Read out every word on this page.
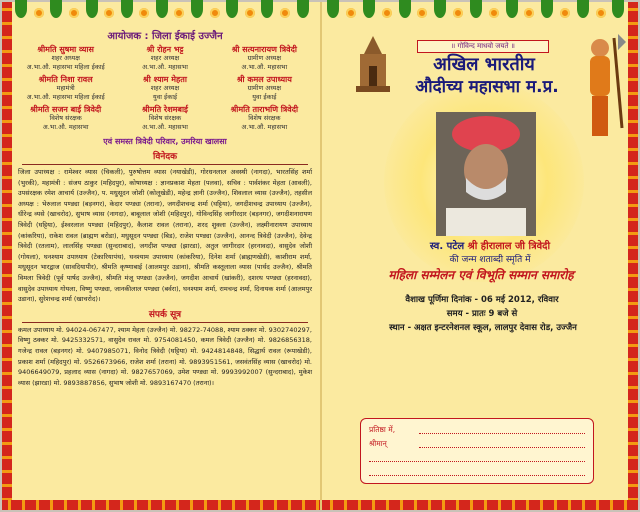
आयोजक : जिला ईकाई उज्जैन
श्रीमति सुषमा व्यास
शहर अध्यक्ष
अ.भा.औ. महासभा महिला ईकाई
श्री रोहन भट्ट
शहर अध्यक्ष
अ.भा.औ. महासभा
श्री सत्यनारायण त्रिवेदी
ग्रामीण अध्यक्ष
अ.भा.औ. महासभा
श्रीमति निशा रावल
महामंत्री
अ.भा.औ. महासभा महिला ईकाई
श्री श्याम मेहता
शहर अध्यक्ष
युवा ईकाई
श्री कमल उपाध्याय
ग्रामीण अध्यक्ष
युवा ईकाई
श्रीमति सजन बाई त्रिवेदी
विशेष संरक्षक
अ.भा.औ. महासभा
श्रीमति रेशमबाई
विशेष संरक्षक
अ.भा.औ. महासभा
श्रीमति ताराभणि त्रिवेदी
विशेष संरक्षक
अ.भा.औ. महासभा
एवं समस्त त्रिवेदी परिवार, उमरिया खालसा
विनेदक
जिला उपाध्यक्ष : रामेश्वर व्यास (चिकली), पुरुषोत्तम व्यास (नयाखेडी), गोरधनलाल अवस्थी (नागदा), भारतसिंह शर्मा (भुरकी), महामंत्री : संजय ठाकुर (महिदपुर), कोषाध्यक्ष : ज्ञानप्रकाश मेहता (पलवा), सचिव : पार्वशंकर मेहता (आवली), उपसंरक्षक रमेश आचार्य (उज्जैन), प. मधुसूदन जोशी (कोलूखेडी), महेन्द्र ज्ञानी (उज्जैन), शिवलाल व्यास (उज्जैन), तहसील अध्यक्ष : भेरुलाल पण्ड्या (बड़नगर), केदार पण्ड्या (तराना), जगदीशचन्द्र शर्मा (घट्टिया), जगदीशचन्द्र उपाध्याय (उज्जैन), धीरेन्द्र व्यसे (खाचरोद), सुभाष व्यास (नागदा), बाबूलाल जोशी (महिदपुर), गोविन्दसिंह जागीरदार (बड़नगर), जगदीशनारायण त्रिवेदी (घट्टिया), ईश्वरलाल पण्ड्या (महिदपुर), कैलाश रावल (तराना), शरद शुक्ला (उज्जैन), लक्ष्मीनारायण उपाध्याय (कांकरिया), राकेश रावल (ब्राह्मण बरोडा), मधुसूदन पण्ड्या (बिड), राजेश पण्ड्या (उज्जैन), आनन्द त्रिवेदी (उज्जैन), देवेन्द्र त्रिवेदी (रतलाम), लालसिंह पण्ड्या (सुन्दराबाद), जगदीश पण्ड्या (झारडा), अतुल जागीरदार (हरनावदा), वासुदेव जोशी (गोयला), घनश्याम उपाध्याय (टेकारियापंथ), घनश्याम उपाध्याय (कांकरिया), दिनेश शर्मा (ब्राह्मणखेडी), काशीराम शर्मा, मधुसूदन भारद्वाज (सावदियापीर), श्रीमति कृष्णाबाई (आलमपुर उडाना), श्रीमति कस्तूलाला व्यास (पार्थद उज्जैन), श्रीमति विमला त्रिवेदी (पूर्व पार्षद उज्जैन), श्रीमति मंजू पण्ड्या (उज्जैन), जगदीश आचार्य (खांकरी), दशरथ पण्ड्या (हरनावदा), वासुदेव उपाध्याय गोयला, विष्णु पण्ड्या, जानकीलाल पण्ड्या (बर्वरा), घनश्याम शर्मा, रामचन्द्र शर्मा, दिनायक शर्मा (आलमपुर उडाना), सुरेशचन्द्र शर्मा (खाचरोद)।
संपर्क सूत्र
कमल उपाध्याय मो. 94024-067477, श्याम मेहता (उज्जैन) मो. 98272-74088, श्याम ठक्कर मो. 9302740297, विष्णु ठक्कर मो. 9425332571, वासुदेव रावल मो. 9754081450, कमल त्रिवेदी (उज्जैन) मो. 9826856318, गजेन्द्र रावल (बड़नगर) मो. 9407985071, विनोद त्रिवेदी (घट्टिया) मो. 9424814848, सिद्धार्थ रावल (रूपाखेडी), प्रकाश शर्मा (महिदपुर) मो. 9526673966, राजेश शर्मा (तराना) मो. 9893951561, जसवंतसिंह व्यास (खाचरोद) मो. 9406649079, प्रहलाद व्यास (नागदा) मो. 9827657069, उमेश पण्ड्या मो. 9993992007 (सुन्दराबाद), मुकेश व्यास (झारडा) मो. 9893887856, सुभाष जोशी मो. 9893167470 (तराना)।
॥ गोविन्द माधवो जयते ॥
अखिल भारतीय
औदीच्य महासभा म.प्र.
स्व. पटेल श्री हीरालाल जी त्रिवेदी
की जन्म शताब्दी स्मृति में
महिला सम्मेलन एवं विभूति सम्मान समारोह
वैशाख पूर्णिमा दिनांक - 06 मई 2012, रविवार
समय - प्रातः 9 बजे से
स्थान - अक्षत इन्टरनेशनल स्कूल, लालपुर देवास रोड, उज्जैन
प्रतिष्ठा में,
श्रीमान्
